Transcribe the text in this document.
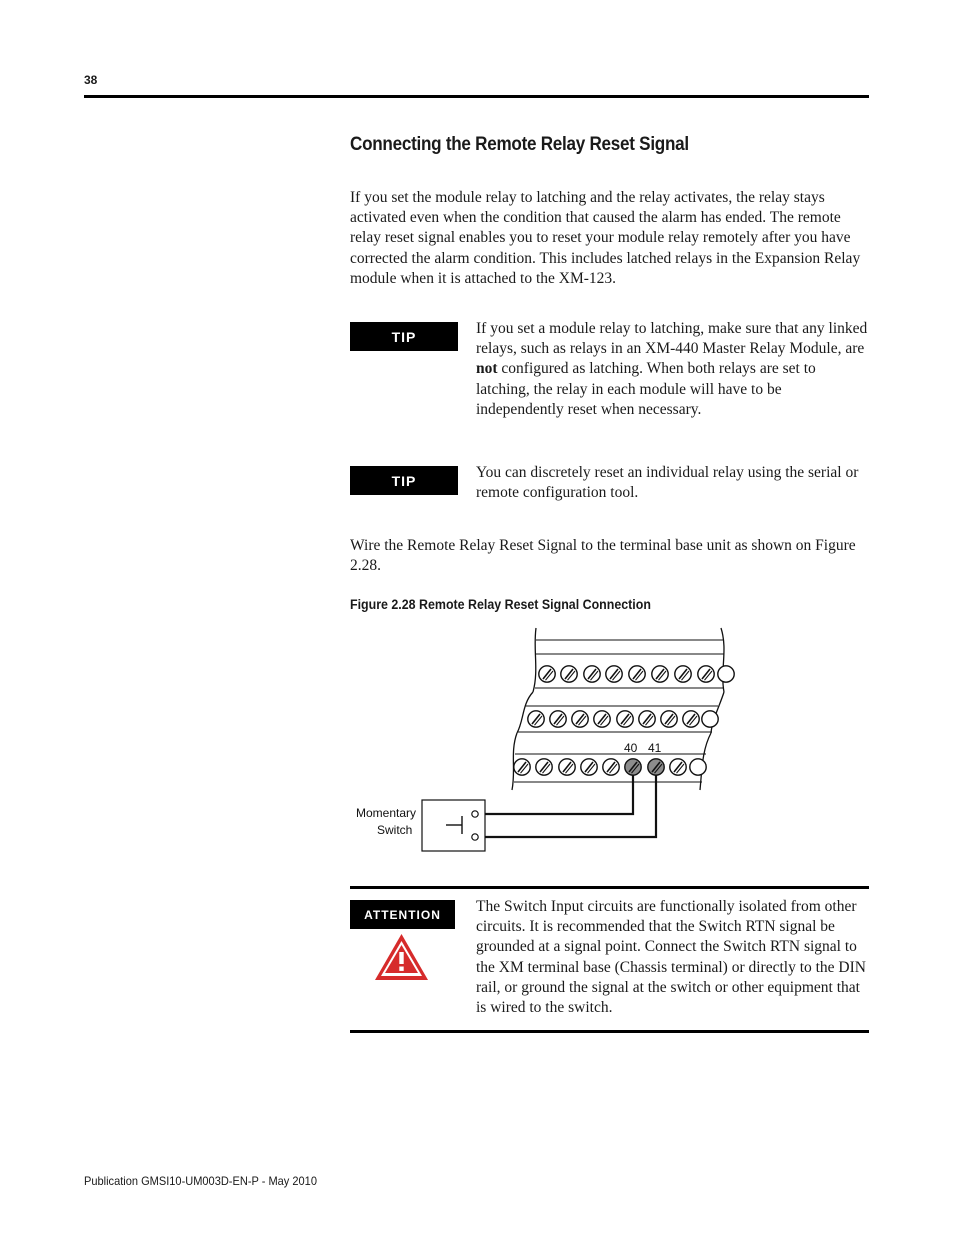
38
Connecting the Remote Relay Reset Signal

If you set the module relay to latching and the relay activates, the relay stays activated even when the condition that caused the alarm has ended. The remote relay reset signal enables you to reset your module relay remotely after you have corrected the alarm condition. This includes latched relays in the Expansion Relay module when it is attached to the XM-123.

TIP	If you set a module relay to latching, make sure that any linked relays, such as relays in an XM-440 Master Relay Module, are not configured as latching. When both relays are set to latching, the relay in each module will have to be independently reset when necessary.

TIP	You can discretely reset an individual relay using the serial or remote configuration tool.

Wire the Remote Relay Reset Signal to the terminal base unit as shown on Figure 2.28.

Figure 2.28 Remote Relay Reset Signal Connection

40 41
Momentary
Switch
ATTENTION	The Switch Input circuits are functionally isolated from other circuits. It is recommended that the Switch RTN signal be grounded at a signal point. Connect the Switch RTN signal to the XM terminal base (Chassis terminal) or directly to the DIN rail, or ground the signal at the switch or other equipment that is wired to the switch.

Publication GMSI10-UM003D-EN-P - May 2010
